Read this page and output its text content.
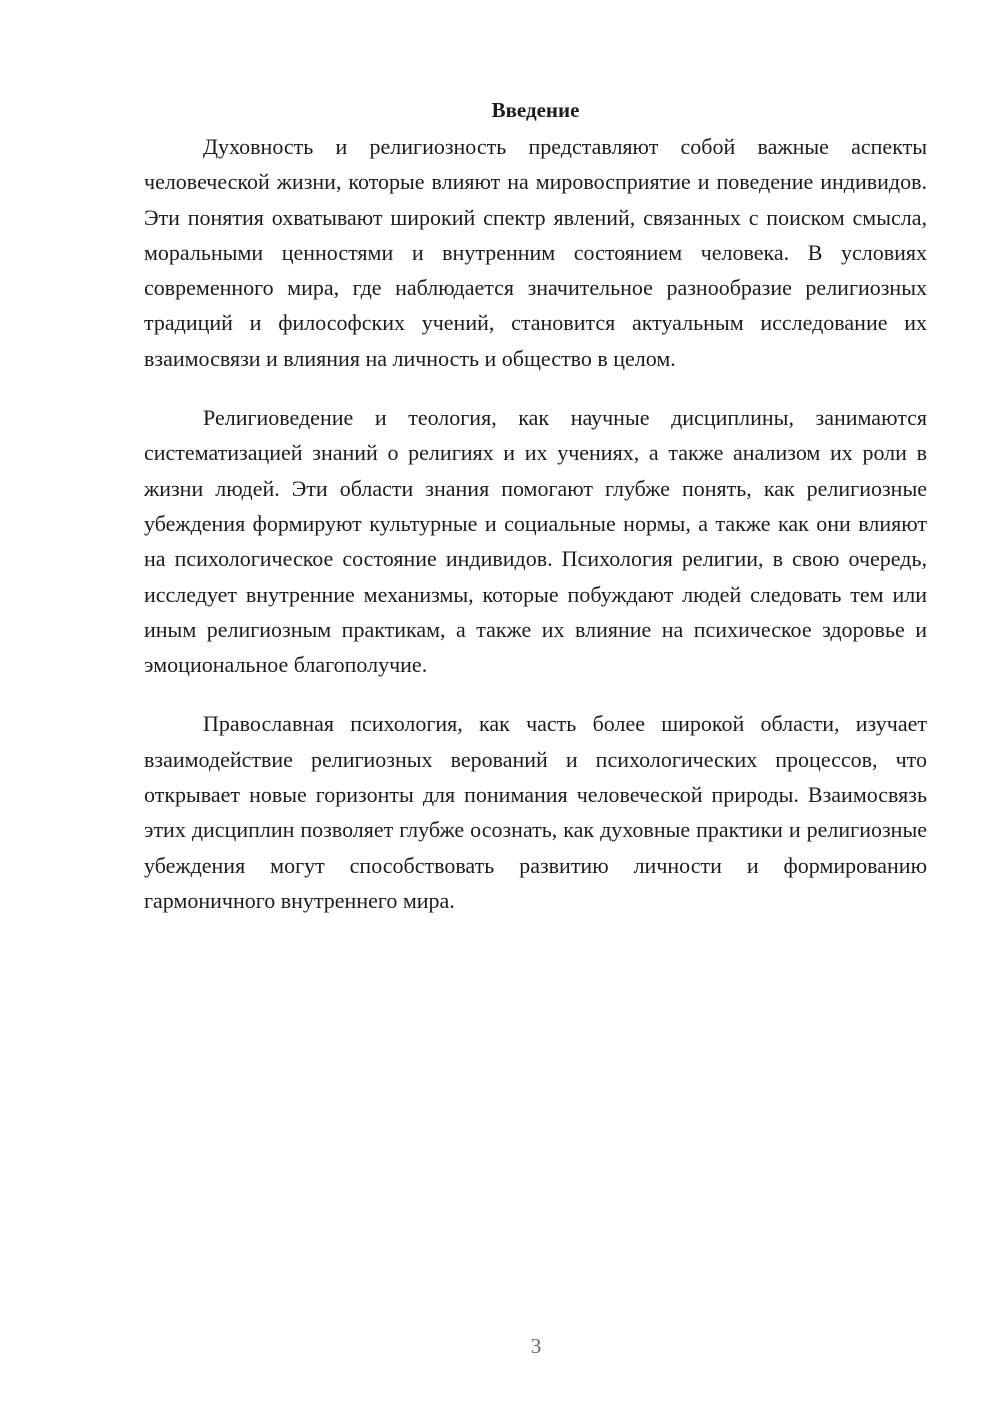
Введение

Духовность и религиозность представляют собой важные аспекты человеческой жизни, которые влияют на мировосприятие и поведение индивидов. Эти понятия охватывают широкий спектр явлений, связанных с поиском смысла, моральными ценностями и внутренним состоянием человека. В условиях современного мира, где наблюдается значительное разнообразие религиозных традиций и философских учений, становится актуальным исследование их взаимосвязи и влияния на личность и общество в целом.

Религиоведение и теология, как научные дисциплины, занимаются систематизацией знаний о религиях и их учениях, а также анализом их роли в жизни людей. Эти области знания помогают глубже понять, как религиозные убеждения формируют культурные и социальные нормы, а также как они влияют на психологическое состояние индивидов. Психология религии, в свою очередь, исследует внутренние механизмы, которые побуждают людей следовать тем или иным религиозным практикам, а также их влияние на психическое здоровье и эмоциональное благополучие.

Православная психология, как часть более широкой области, изучает взаимодействие религиозных верований и психологических процессов, что открывает новые горизонты для понимания человеческой природы. Взаимосвязь этих дисциплин позволяет глубже осознать, как духовные практики и религиозные убеждения могут способствовать развитию личности и формированию гармоничного внутреннего мира.

3
